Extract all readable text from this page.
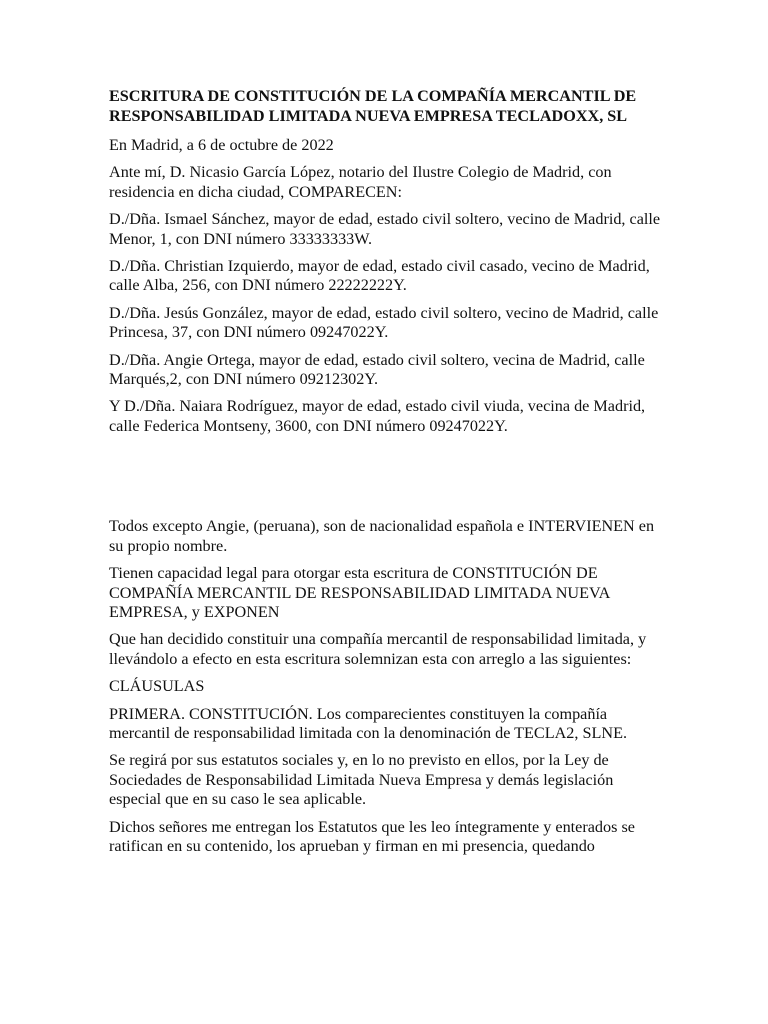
ESCRITURA DE CONSTITUCIÓN DE LA COMPAÑÍA MERCANTIL DE RESPONSABILIDAD LIMITADA NUEVA EMPRESA TECLADOXX, SL

En Madrid, a 6 de octubre de 2022

Ante mí, D. Nicasio García López, notario del Ilustre Colegio de Madrid, con residencia en dicha ciudad, COMPARECEN:

D./Dña. Ismael Sánchez, mayor de edad, estado civil soltero, vecino de Madrid, calle Menor, 1, con DNI número 33333333W.

D./Dña. Christian Izquierdo, mayor de edad, estado civil casado, vecino de Madrid, calle Alba, 256, con DNI número 22222222Y.

D./Dña. Jesús González, mayor de edad, estado civil soltero, vecino de Madrid, calle Princesa, 37, con DNI número 09247022Y.

D./Dña. Angie Ortega, mayor de edad, estado civil soltero, vecina de Madrid, calle Marqués,2, con DNI número 09212302Y.

Y D./Dña. Naiara Rodríguez, mayor de edad, estado civil viuda, vecina de Madrid, calle Federica Montseny, 3600, con DNI número 09247022Y.

Todos excepto Angie, (peruana), son de nacionalidad española e INTERVIENEN en su propio nombre.

Tienen capacidad legal para otorgar esta escritura de CONSTITUCIÓN DE COMPAÑÍA MERCANTIL DE RESPONSABILIDAD LIMITADA NUEVA EMPRESA, y EXPONEN

Que han decidido constituir una compañía mercantil de responsabilidad limitada, y llevándolo a efecto en esta escritura solemnizan esta con arreglo a las siguientes:

CLÁUSULAS

PRIMERA. CONSTITUCIÓN. Los comparecientes constituyen la compañía mercantil de responsabilidad limitada con la denominación de TECLA2, SLNE.

Se regirá por sus estatutos sociales y, en lo no previsto en ellos, por la Ley de Sociedades de Responsabilidad Limitada Nueva Empresa y demás legislación especial que en su caso le sea aplicable.

Dichos señores me entregan los Estatutos que les leo íntegramente y enterados se ratifican en su contenido, los aprueban y firman en mi presencia, quedando
